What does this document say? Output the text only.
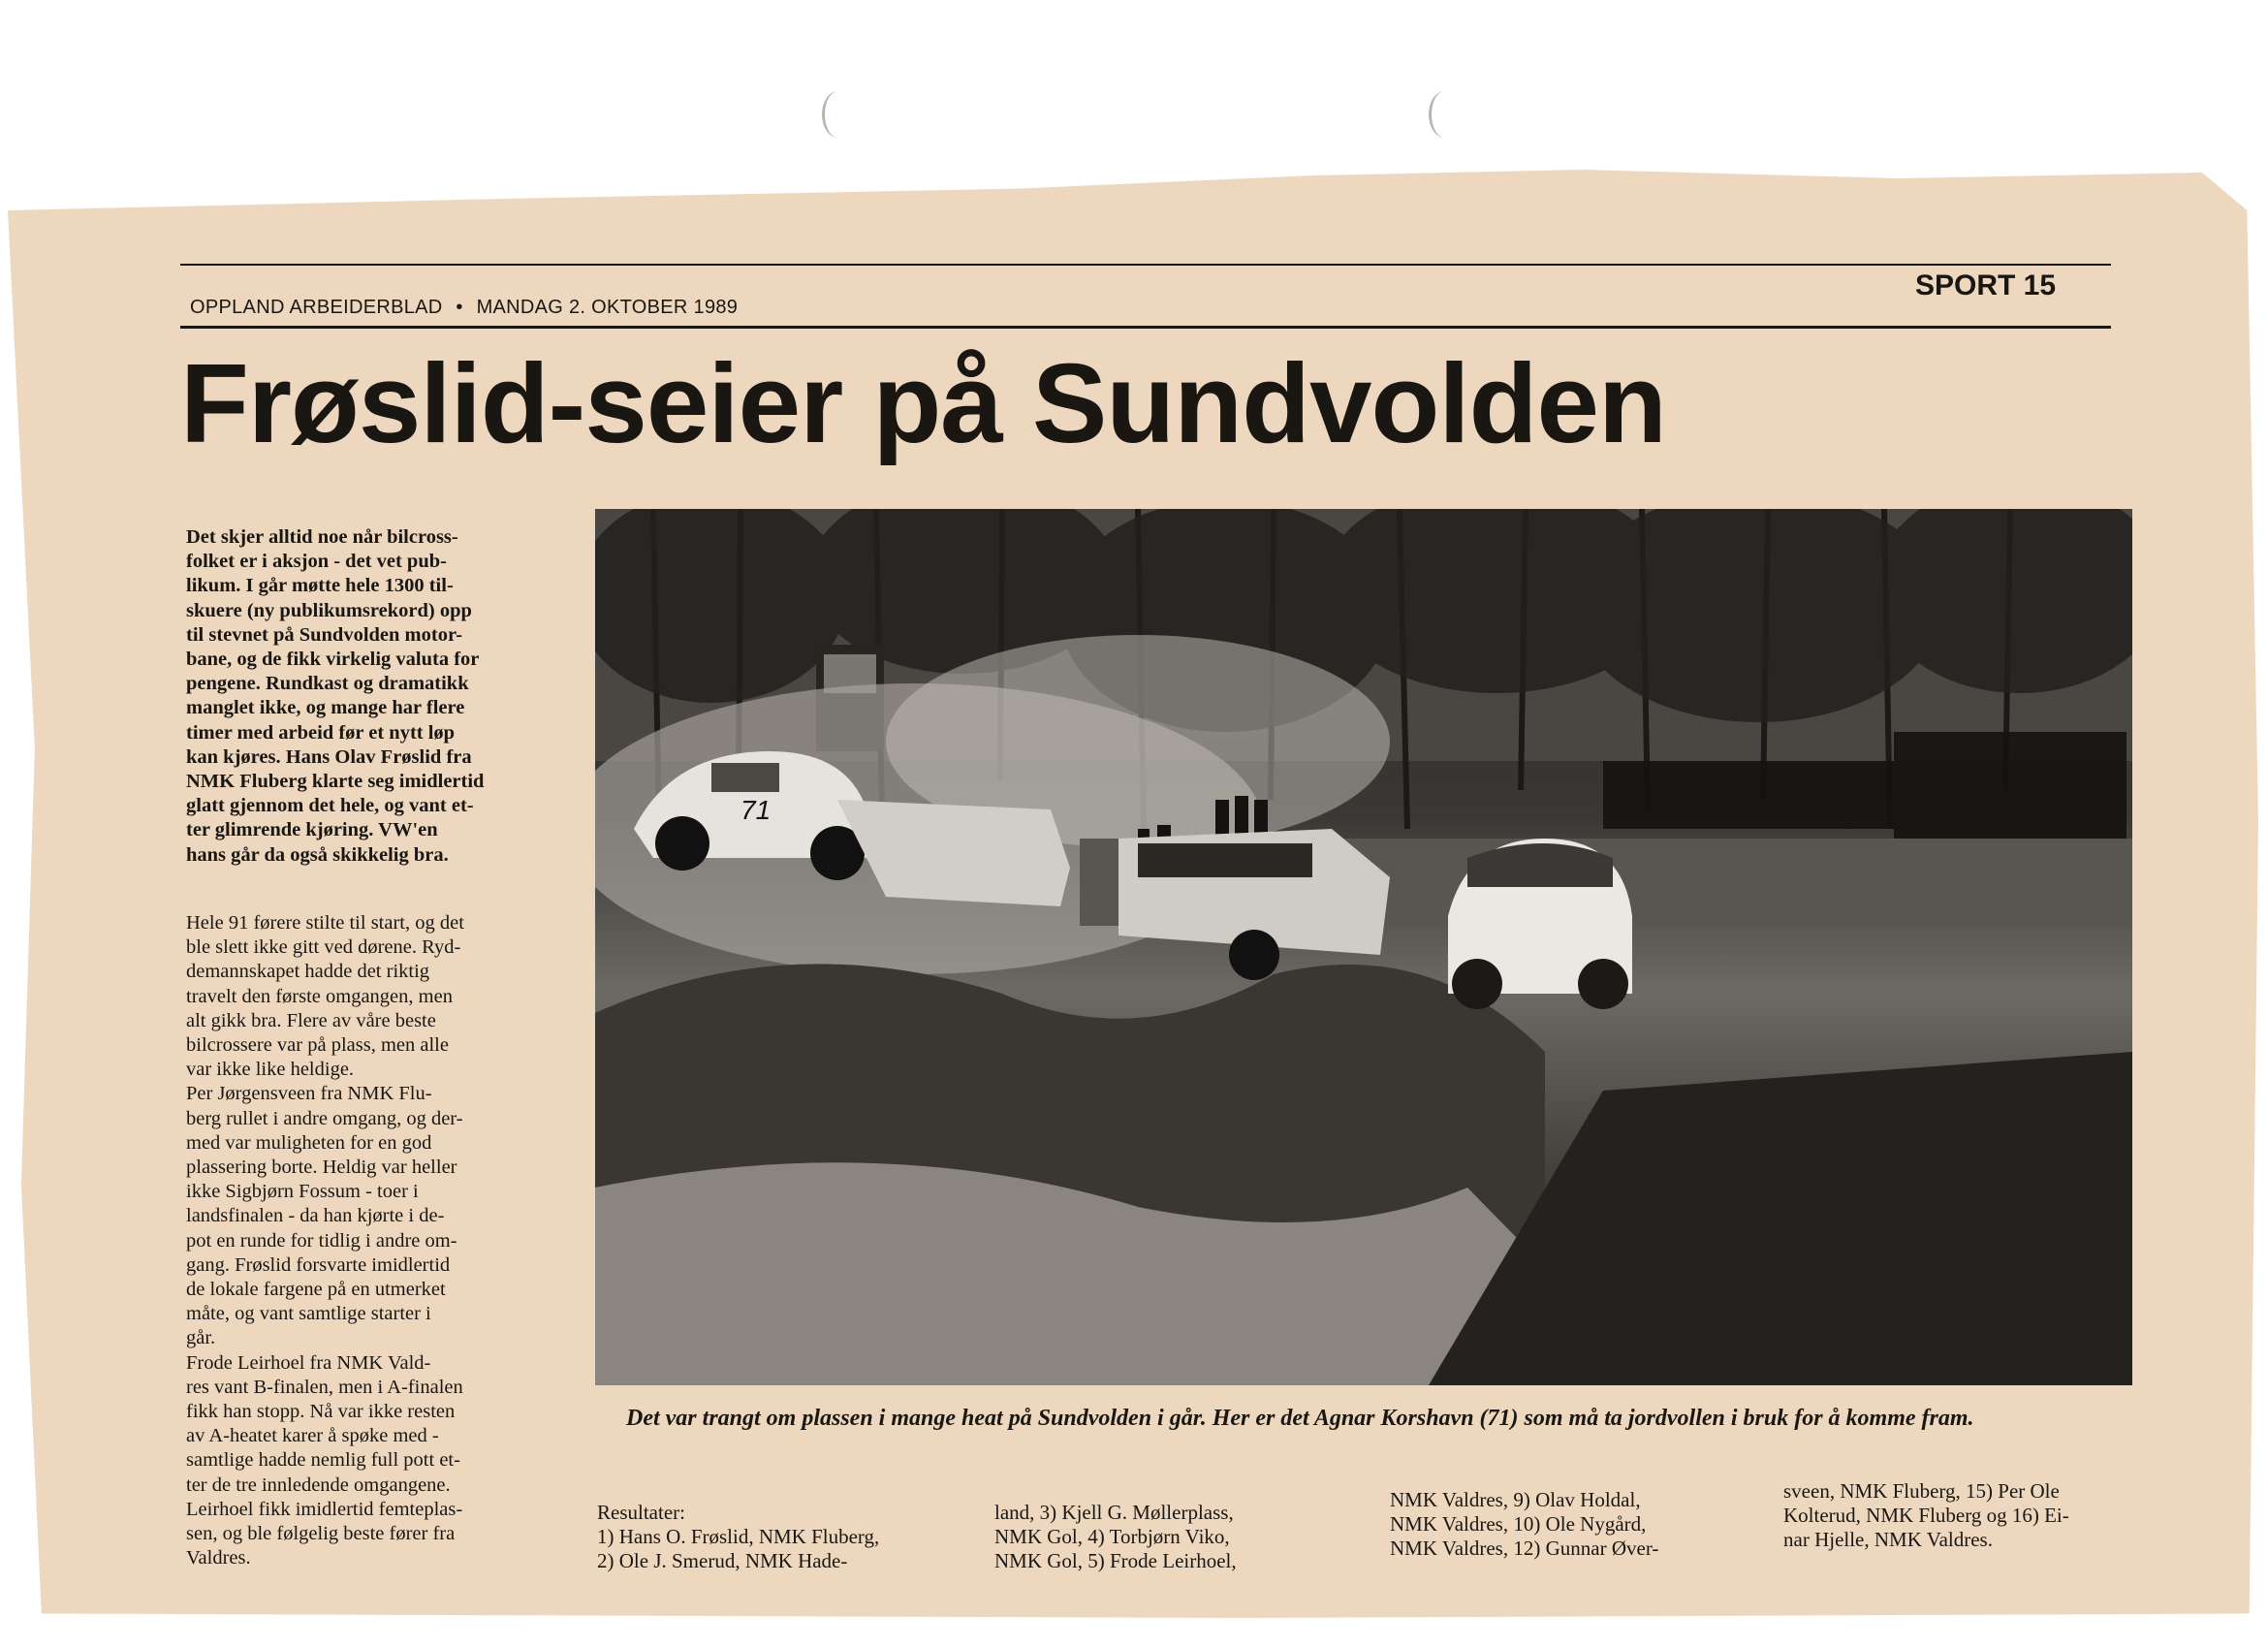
OPPLAND ARBEIDERBLAD • MANDAG 2. OKTOBER 1989
SPORT 15
Frøslid-seier på Sundvolden
Det skjer alltid noe når bilcross-
folket er i aksjon - det vet pub-
likum. I går møtte hele 1300 til-
skuere (ny publikumsrekord) opp
til stevnet på Sundvolden motor-
bane, og de fikk virkelig valuta for
pengene. Rundkast og dramatikk
manglet ikke, og mange har flere
timer med arbeid før et nytt løp
kan kjøres. Hans Olav Frøslid fra
NMK Fluberg klarte seg imidlertid
glatt gjennom det hele, og vant et-
ter glimrende kjøring. VW'en
hans går da også skikkelig bra.
Hele 91 førere stilte til start, og det
ble slett ikke gitt ved dørene. Ryd-
demannskapet hadde det riktig
travelt den første omgangen, men
alt gikk bra. Flere av våre beste
bilcrossere var på plass, men alle
var ikke like heldige.
Per Jørgensveen fra NMK Flu-
berg rullet i andre omgang, og der-
med var muligheten for en god
plassering borte. Heldig var heller
ikke Sigbjørn Fossum - toer i
landsfinalen - da han kjørte i de-
pot en runde for tidlig i andre om-
gang. Frøslid forsvarte imidlertid
de lokale fargene på en utmerket
måte, og vant samtlige starter i
går.
Frode Leirhoel fra NMK Vald-
res vant B-finalen, men i A-finalen
fikk han stopp. Nå var ikke resten
av A-heatet karer å spøke med -
samtlige hadde nemlig full pott et-
ter de tre innledende omgangene.
Leirhoel fikk imidlertid femteplas-
sen, og ble følgelig beste fører fra
Valdres.
71
Det var trangt om plassen i mange heat på Sundvolden i går. Her er det Agnar Korshavn (71) som må ta jordvollen i bruk for å komme fram.
Resultater:
1) Hans O. Frøslid, NMK Fluberg,
2) Ole J. Smerud, NMK Hade-
land, 3) Kjell G. Møllerplass,
NMK Gol, 4) Torbjørn Viko,
NMK Gol, 5) Frode Leirhoel,
NMK Valdres, 9) Olav Holdal,
NMK Valdres, 10) Ole Nygård,
NMK Valdres, 12) Gunnar Øver-
sveen, NMK Fluberg, 15) Per Ole
Kolterud, NMK Fluberg og 16) Ei-
nar Hjelle, NMK Valdres.
